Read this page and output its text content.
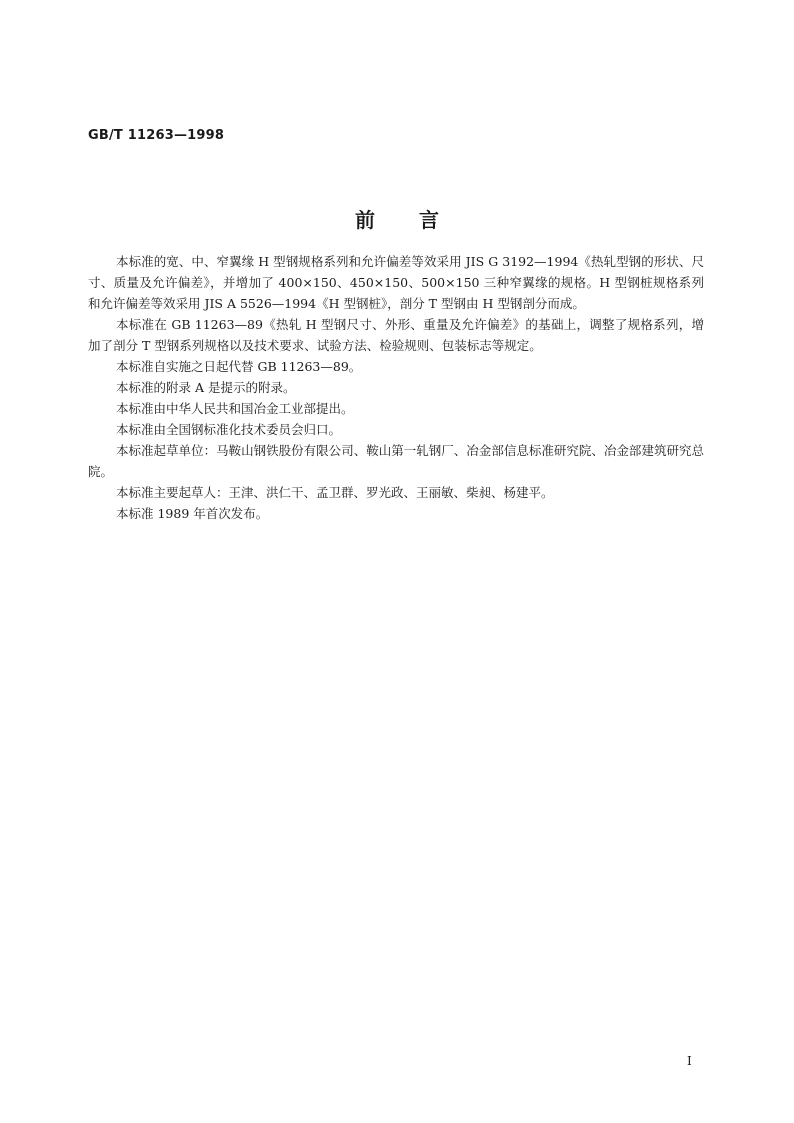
GB/T 11263—1998
前言

本标准的宽、中、窄翼缘 H 型钢规格系列和允许偏差等效采用 JIS G 3192—1994《热轧型钢的形状、尺寸、质量及允许偏差》，并增加了 400×150、450×150、500×150 三种窄翼缘的规格。H 型钢桩规格系列和允许偏差等效采用 JIS A 5526—1994《H 型钢桩》，剖分 T 型钢由 H 型钢剖分而成。

本标准在 GB 11263—89《热轧 H 型钢尺寸、外形、重量及允许偏差》的基础上，调整了规格系列，增加了剖分 T 型钢系列规格以及技术要求、试验方法、检验规则、包装标志等规定。

本标准自实施之日起代替 GB 11263—89。

本标准的附录 A 是提示的附录。

本标准由中华人民共和国冶金工业部提出。

本标准由全国钢标准化技术委员会归口。

本标准起草单位：马鞍山钢铁股份有限公司、鞍山第一轧钢厂、冶金部信息标准研究院、冶金部建筑研究总院。

本标准主要起草人：王津、洪仁干、孟卫群、罗光政、王丽敏、柴昶、杨建平。

本标准 1989 年首次发布。

I
